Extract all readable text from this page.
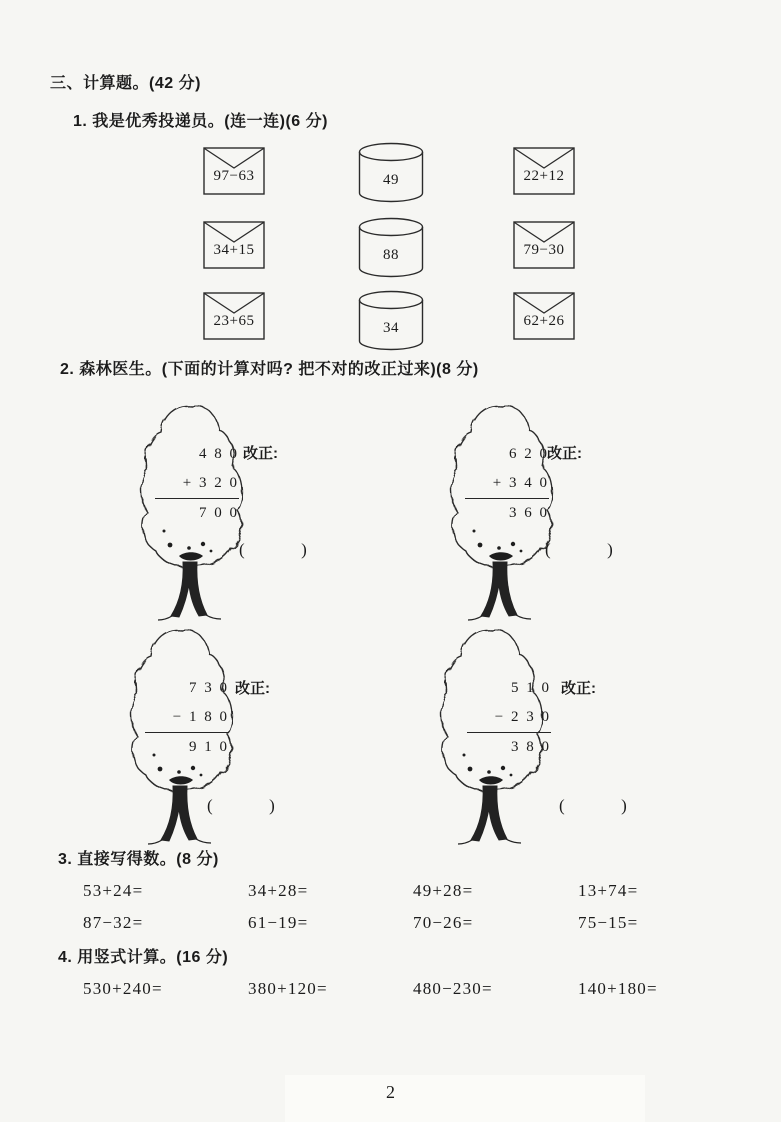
三、计算题。(42 分)
1. 我是优秀投递员。(连一连)(6 分)
97−63	49	22+12
34+15	88	79−30
23+65	34	62+26
2. 森林医生。(下面的计算对吗? 把不对的改正过来)(8 分)
4 8 0
+ 3 2 0
7 0 0
改正:
(  )
6 2 0
+ 3 4 0
3 6 0
改正:
(  )
7 3 0
− 1 8 0
9 1 0
改正:
(  )
5 1 0
− 2 3 0
3 8 0
改正:
(  )
3. 直接写得数。(8 分)
53+24=	34+28=	49+28=	13+74=
87−32=	61−19=	70−26=	75−15=
4. 用竖式计算。(16 分)
530+240=	380+120=	480−230=	140+180=
2
